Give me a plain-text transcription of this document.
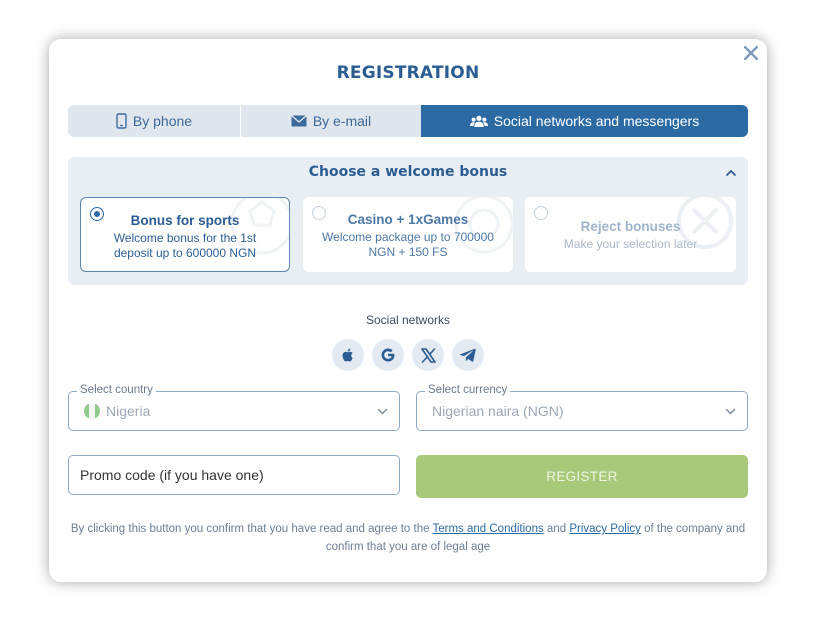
REGISTRATION
By phone	By e-mail	Social networks and messengers
Choose a welcome bonus
Bonus for sports
Welcome bonus for the 1st deposit up to 600000 NGN
Casino + 1xGames
Welcome package up to 700000 NGN + 150 FS
Reject bonuses
Make your selection later
Social networks
Select country
Nigeria
Select currency
Nigerian naira (NGN)
Promo code (if you have one)
REGISTER
By clicking this button you confirm that you have read and agree to the Terms and Conditions and Privacy Policy of the company and confirm that you are of legal age
